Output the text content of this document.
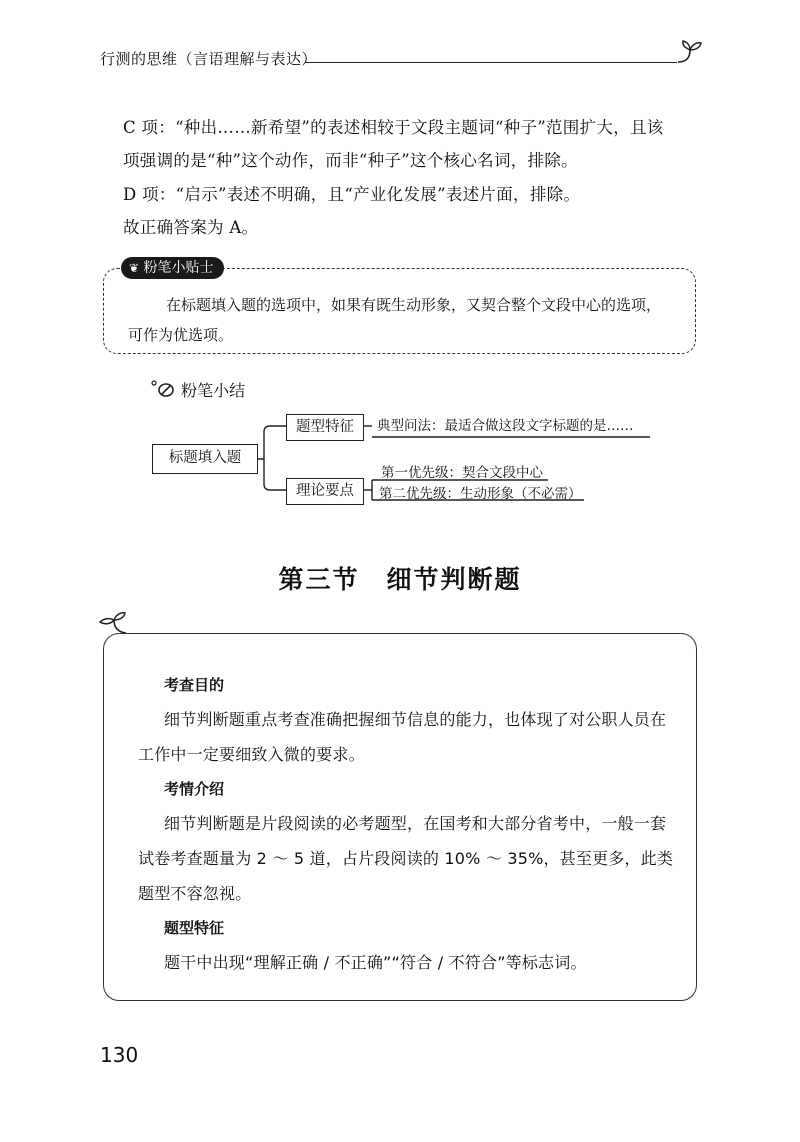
行测的思维（言语理解与表达）
C 项：“种出……新希望”的表述相较于文段主题词“种子”范围扩大，且该项强调的是“种”这个动作，而非“种子”这个核心名词，排除。
D 项：“启示”表述不明确，且“产业化发展”表述片面，排除。
故正确答案为 A。
❦ 粉笔小贴士
在标题填入题的选项中，如果有既生动形象，又契合整个文段中心的选项，可作为优选项。
粉笔小结
标题填入题
题型特征
理论要点
典型问法：最适合做这段文字标题的是……
第一优先级：契合文段中心
第二优先级：生动形象（不必需）
第三节　细节判断题
考查目的
细节判断题重点考查准确把握细节信息的能力，也体现了对公职人员在工作中一定要细致入微的要求。
考情介绍
细节判断题是片段阅读的必考题型，在国考和大部分省考中，一般一套试卷考查题量为 2 ～ 5 道，占片段阅读的 10% ～ 35%，甚至更多，此类题型不容忽视。
题型特征
题干中出现“理解正确 / 不正确”“符合 / 不符合”等标志词。
130
